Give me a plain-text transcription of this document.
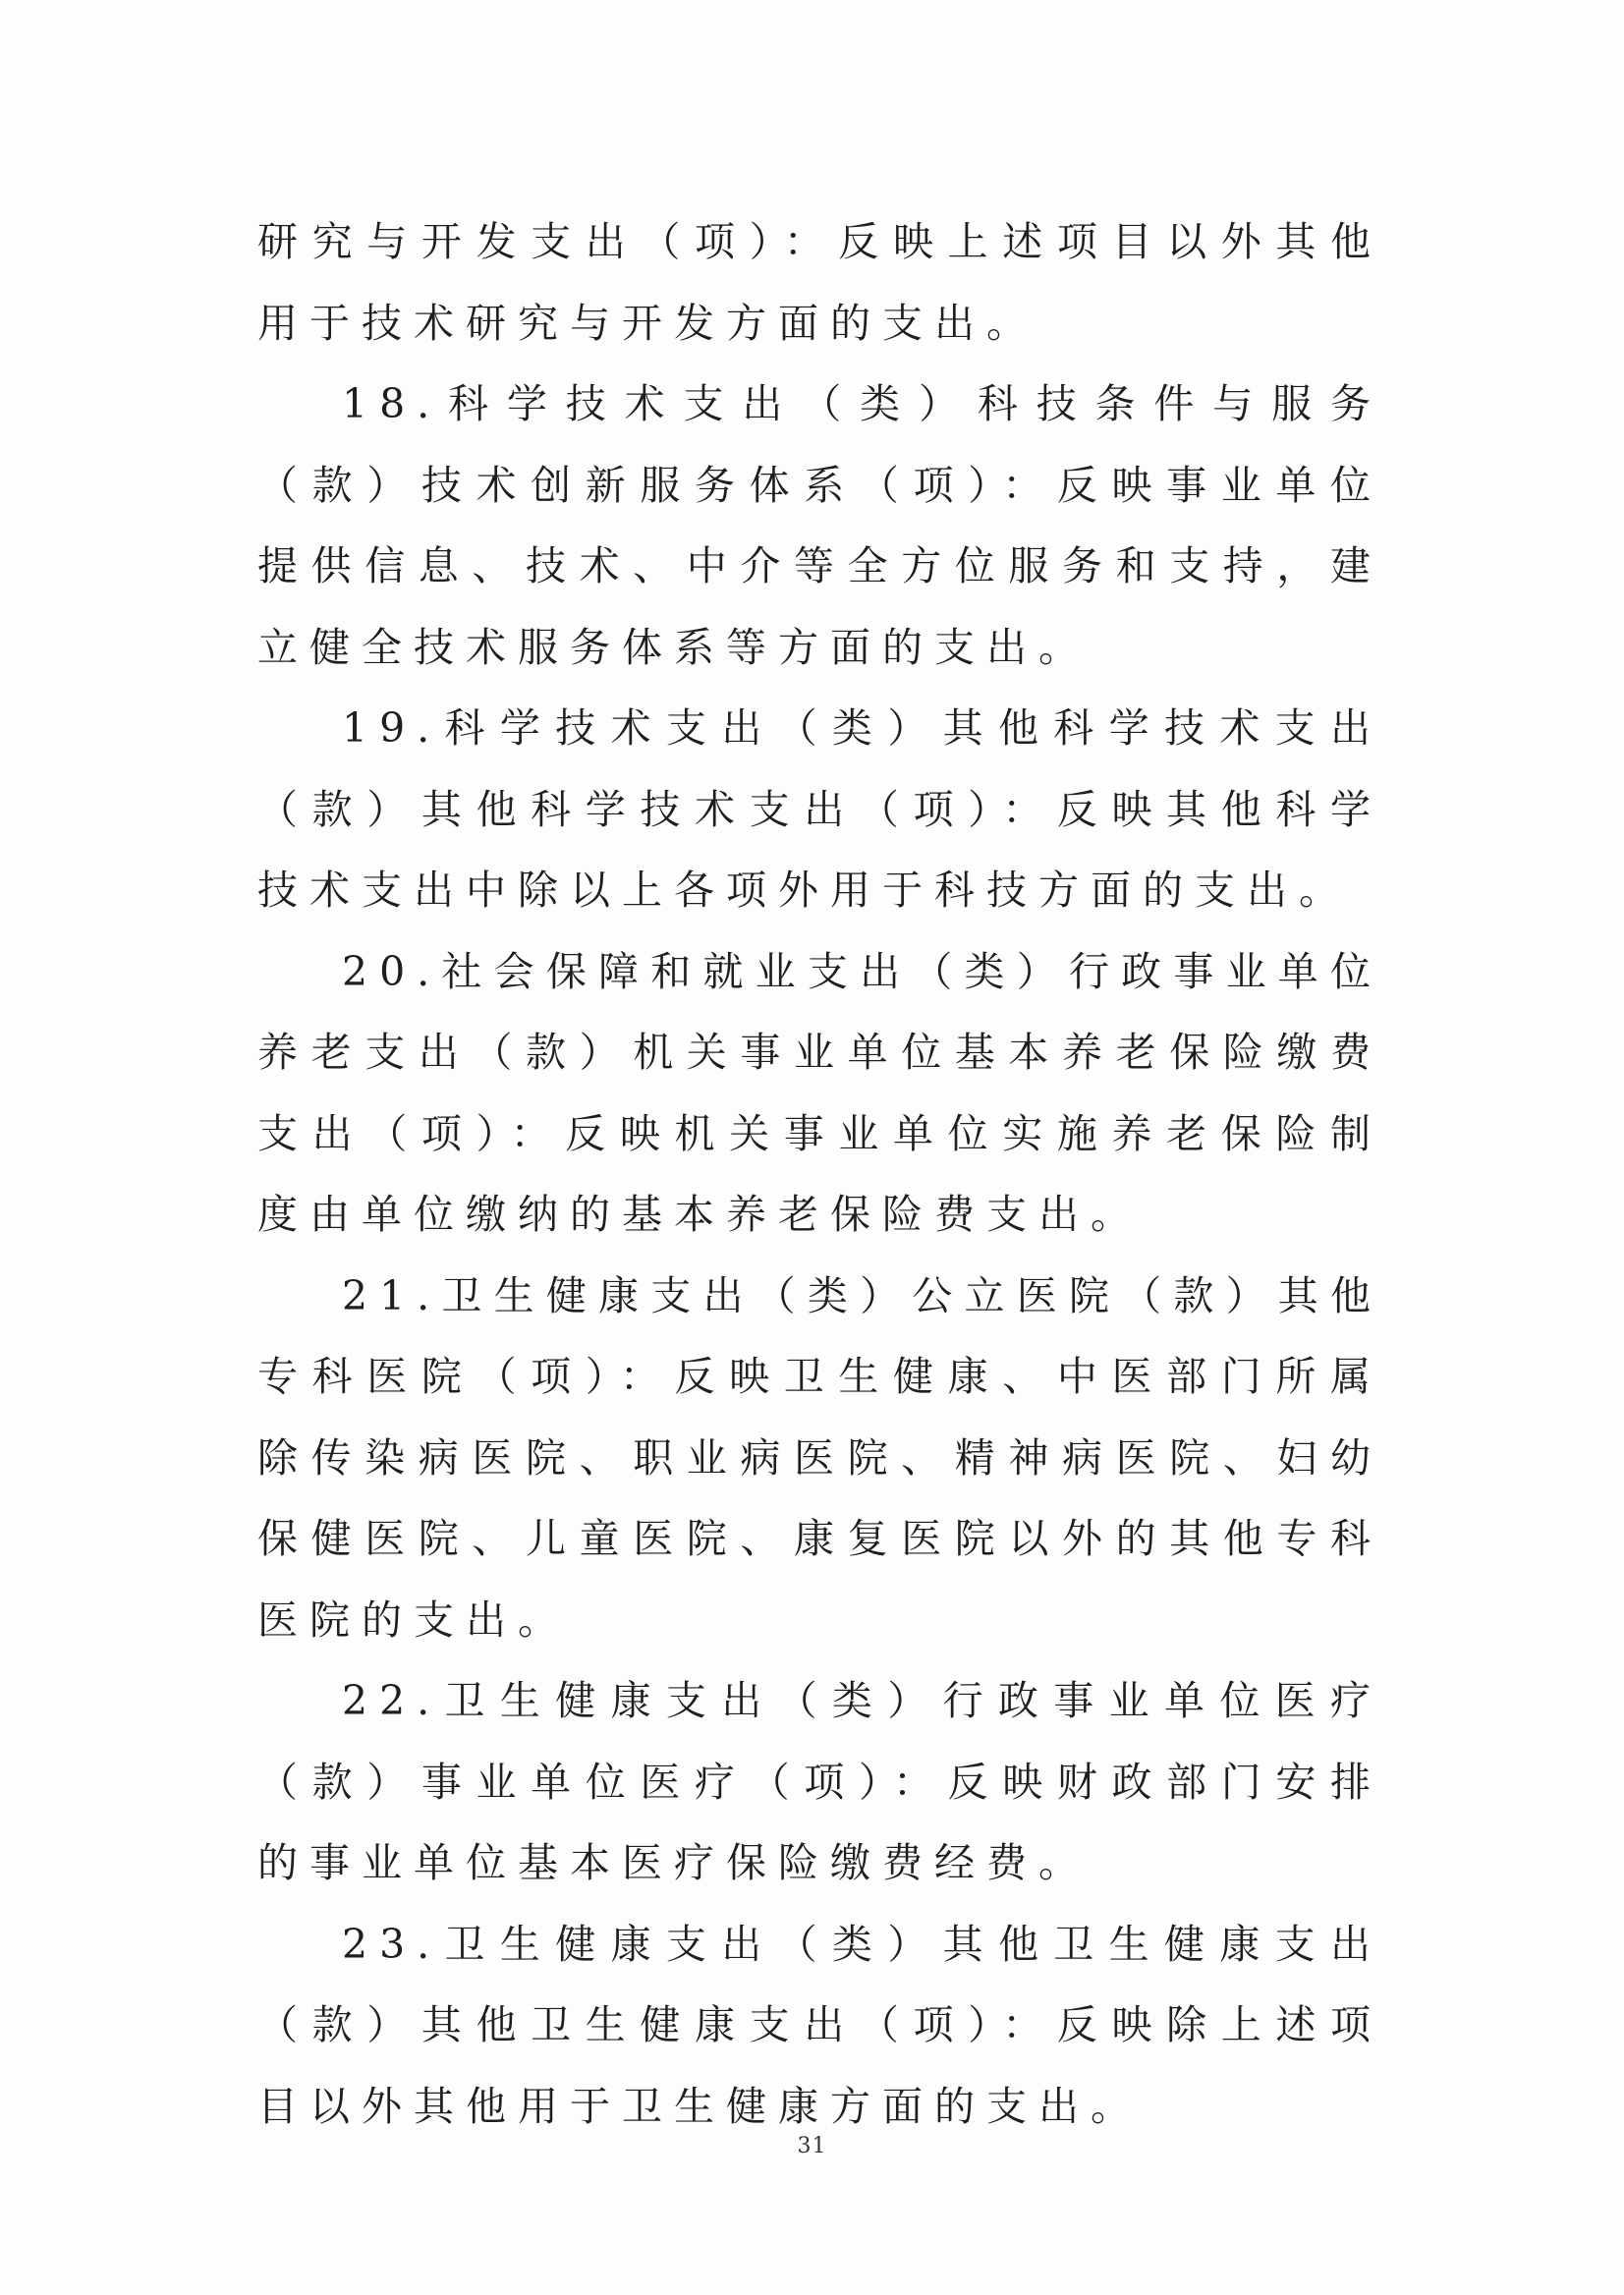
研究与开发支出（项）：反映上述项目以外其他用于技术研究与开发方面的支出。

18.科学技术支出（类）科技条件与服务（款）技术创新服务体系（项）：反映事业单位提供信息、技术、中介等全方位服务和支持，建立健全技术服务体系等方面的支出。

19.科学技术支出（类）其他科学技术支出（款）其他科学技术支出（项）：反映其他科学技术支出中除以上各项外用于科技方面的支出。

20.社会保障和就业支出（类）行政事业单位养老支出（款）机关事业单位基本养老保险缴费支出（项）：反映机关事业单位实施养老保险制度由单位缴纳的基本养老保险费支出。

21.卫生健康支出（类）公立医院（款）其他专科医院（项）：反映卫生健康、中医部门所属除传染病医院、职业病医院、精神病医院、妇幼保健医院、儿童医院、康复医院以外的其他专科医院的支出。

22.卫生健康支出（类）行政事业单位医疗（款）事业单位医疗（项）：反映财政部门安排的事业单位基本医疗保险缴费经费。

23.卫生健康支出（类）其他卫生健康支出（款）其他卫生健康支出（项）：反映除上述项目以外其他用于卫生健康方面的支出。

31
